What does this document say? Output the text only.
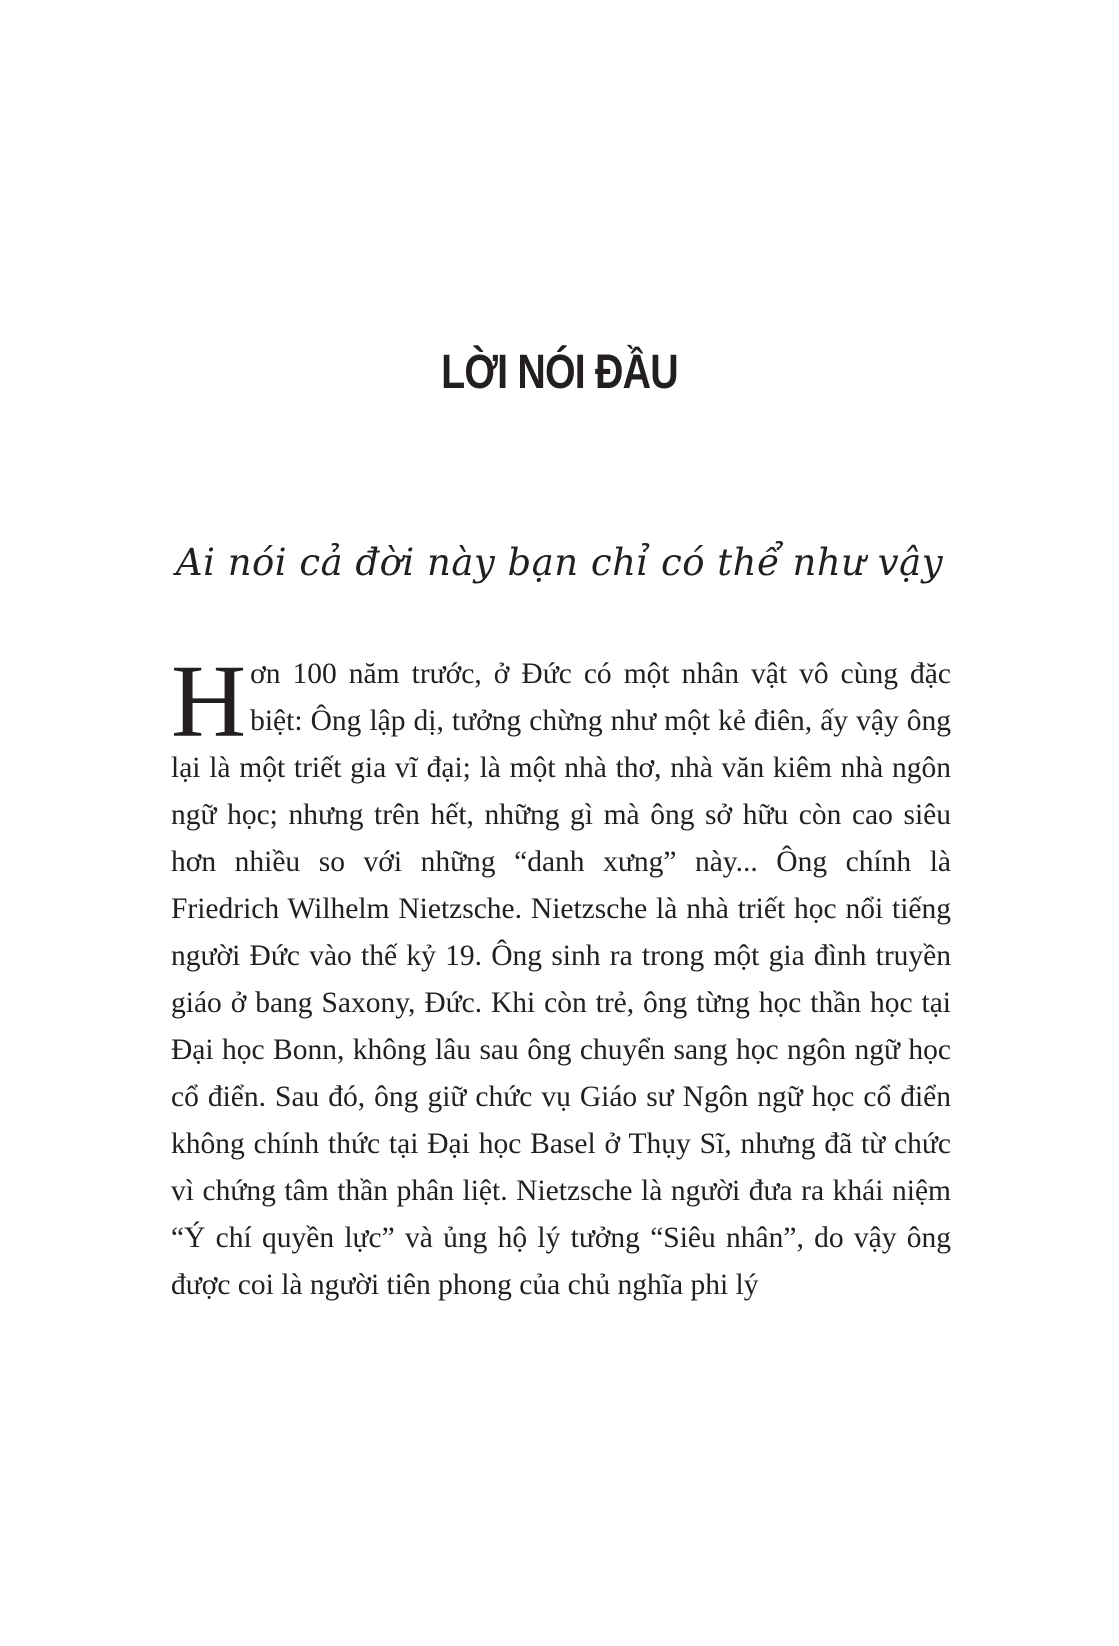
LỜI NÓI ĐẦU
Ai nói cả đời này bạn chỉ có thể như vậy

Hơn 100 năm trước, ở Đức có một nhân vật vô cùng đặc biệt: Ông lập dị, tưởng chừng như một kẻ điên, ấy vậy ông lại là một triết gia vĩ đại; là một nhà thơ, nhà văn kiêm nhà ngôn ngữ học; nhưng trên hết, những gì mà ông sở hữu còn cao siêu hơn nhiều so với những “danh xưng” này... Ông chính là Friedrich Wilhelm Nietzsche. Nietzsche là nhà triết học nổi tiếng người Đức vào thế kỷ 19. Ông sinh ra trong một gia đình truyền giáo ở bang Saxony, Đức. Khi còn trẻ, ông từng học thần học tại Đại học Bonn, không lâu sau ông chuyển sang học ngôn ngữ học cổ điển. Sau đó, ông giữ chức vụ Giáo sư Ngôn ngữ học cổ điển không chính thức tại Đại học Basel ở Thụy Sĩ, nhưng đã từ chức vì chứng tâm thần phân liệt. Nietzsche là người đưa ra khái niệm “Ý chí quyền lực” và ủng hộ lý tưởng “Siêu nhân”, do vậy ông được coi là người tiên phong của chủ nghĩa phi lý
